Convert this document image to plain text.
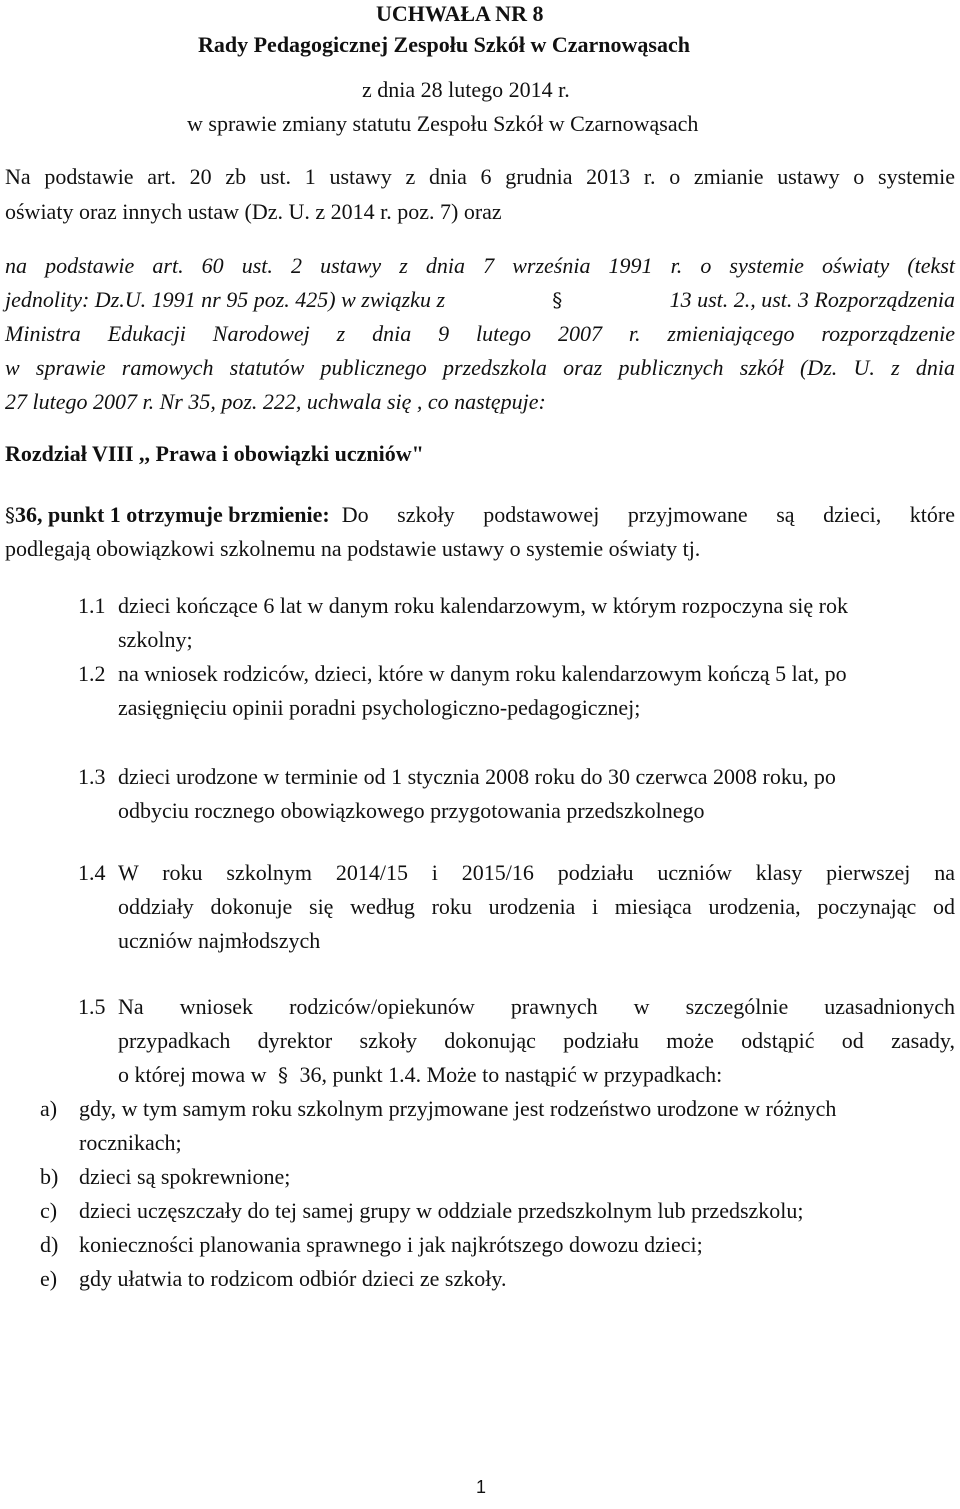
UCHWAŁA NR 8
Rady Pedagogicznej Zespołu Szkół w Czarnowąsach
z dnia 28 lutego 2014 r.
w sprawie zmiany statutu Zespołu Szkół w Czarnowąsach
Na podstawie art. 20 zb ust. 1 ustawy z dnia 6 grudnia 2013 r. o zmianie ustawy o systemie
oświaty oraz innych ustaw (Dz. U. z 2014 r. poz. 7) oraz
na podstawie art. 60 ust. 2 ustawy z dnia 7 września 1991 r. o systemie oświaty (tekst
jednolity: Dz.U. 1991 nr 95 poz. 425) w związku z	§	13 ust. 2., ust. 3 Rozporządzenia
Ministra Edukacji Narodowej z dnia 9 lutego 2007 r. zmieniającego rozporządzenie
w sprawie ramowych statutów publicznego przedszkola oraz publicznych szkół (Dz. U. z dnia
27 lutego 2007 r. Nr 35, poz. 222, uchwala się , co następuje:
Rozdział VIII ,, Prawa i obowiązki uczniów"
§ 36, punkt 1 otrzymuje brzmienie: Do szkoły podstawowej przyjmowane są dzieci, które
podlegają obowiązkowi szkolnemu na podstawie ustawy o systemie oświaty tj.
1.1 dzieci kończące 6 lat w danym roku kalendarzowym, w którym rozpoczyna się rok
szkolny;
1.2 na wniosek rodziców, dzieci, które w danym roku kalendarzowym kończą 5 lat, po
zasięgnięciu opinii poradni psychologiczno-pedagogicznej;
1.3 dzieci urodzone w terminie od 1 stycznia 2008 roku do 30 czerwca 2008 roku, po
odbyciu rocznego obowiązkowego przygotowania przedszkolnego
1.4 W roku szkolnym 2014/15 i 2015/16 podziału uczniów klasy pierwszej na
oddziały dokonuje się według roku urodzenia i miesiąca urodzenia, poczynając od
uczniów najmłodszych
1.5 Na wniosek rodziców/opiekunów prawnych w szczególnie uzasadnionych
przypadkach dyrektor szkoły dokonując podziału może odstąpić od zasady,
o której mowa w § 36, punkt 1.4. Może to nastąpić w przypadkach:
a) gdy, w tym samym roku szkolnym przyjmowane jest rodzeństwo urodzone w różnych
rocznikach;
b) dzieci są spokrewnione;
c) dzieci uczęszczały do tej samej grupy w oddziale przedszkolnym lub przedszkolu;
d) konieczności planowania sprawnego i jak najkrótszego dowozu dzieci;
e) gdy ułatwia to rodzicom odbiór dzieci ze szkoły.
1
